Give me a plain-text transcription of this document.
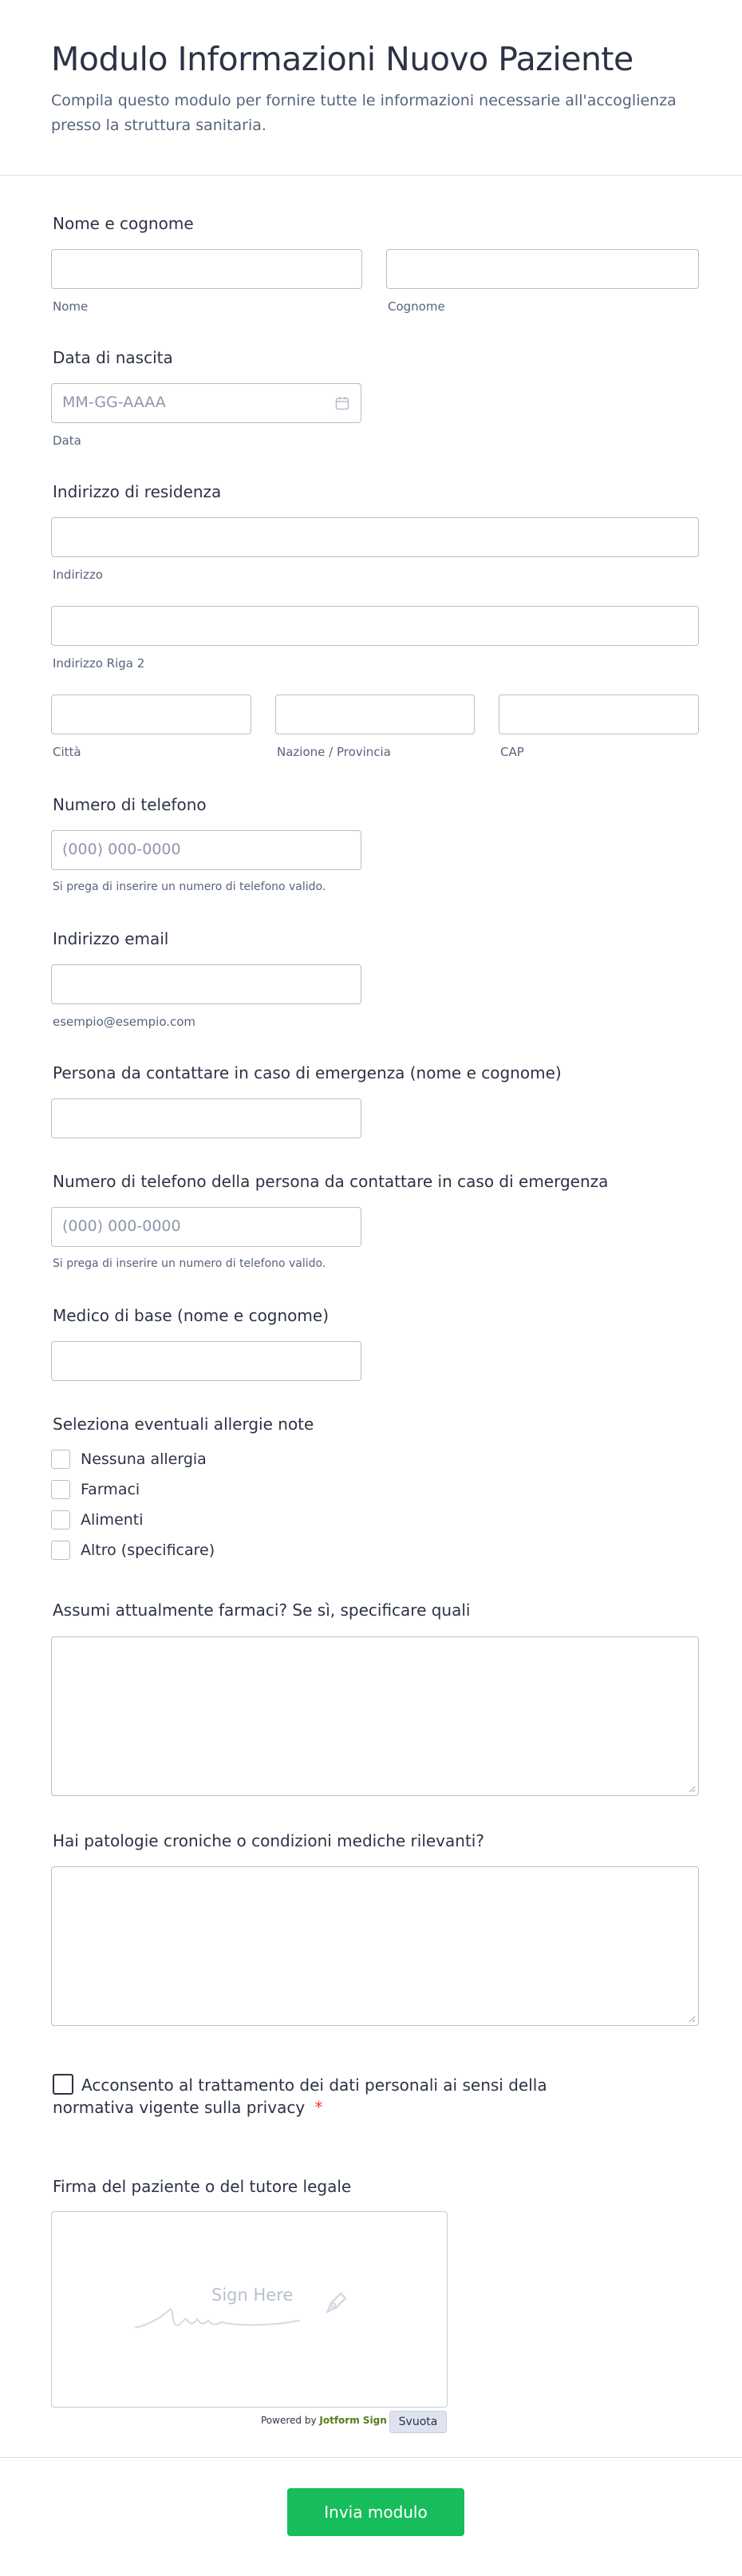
Modulo Informazioni Nuovo Paziente

Compila questo modulo per fornire tutte le informazioni necessarie all'accoglienza presso la struttura sanitaria.

Nome e cognome
Nome	Cognome
Data di nascita
MM-GG-AAAA
Data
Indirizzo di residenza
Indirizzo
Indirizzo Riga 2
Città	Nazione / Provincia	CAP
Numero di telefono
(000) 000-0000
Si prega di inserire un numero di telefono valido.
Indirizzo email
esempio@esempio.com
Persona da contattare in caso di emergenza (nome e cognome)
Numero di telefono della persona da contattare in caso di emergenza
(000) 000-0000
Si prega di inserire un numero di telefono valido.
Medico di base (nome e cognome)
Seleziona eventuali allergie note
Nessuna allergia
Farmaci
Alimenti
Altro (specificare)
Assumi attualmente farmaci? Se sì, specificare quali
Hai patologie croniche o condizioni mediche rilevanti?
Acconsento al trattamento dei dati personali ai sensi della normativa vigente sulla privacy *
Firma del paziente o del tutore legale
Sign Here
Powered by Jotform Sign	Svuota
Invia modulo
